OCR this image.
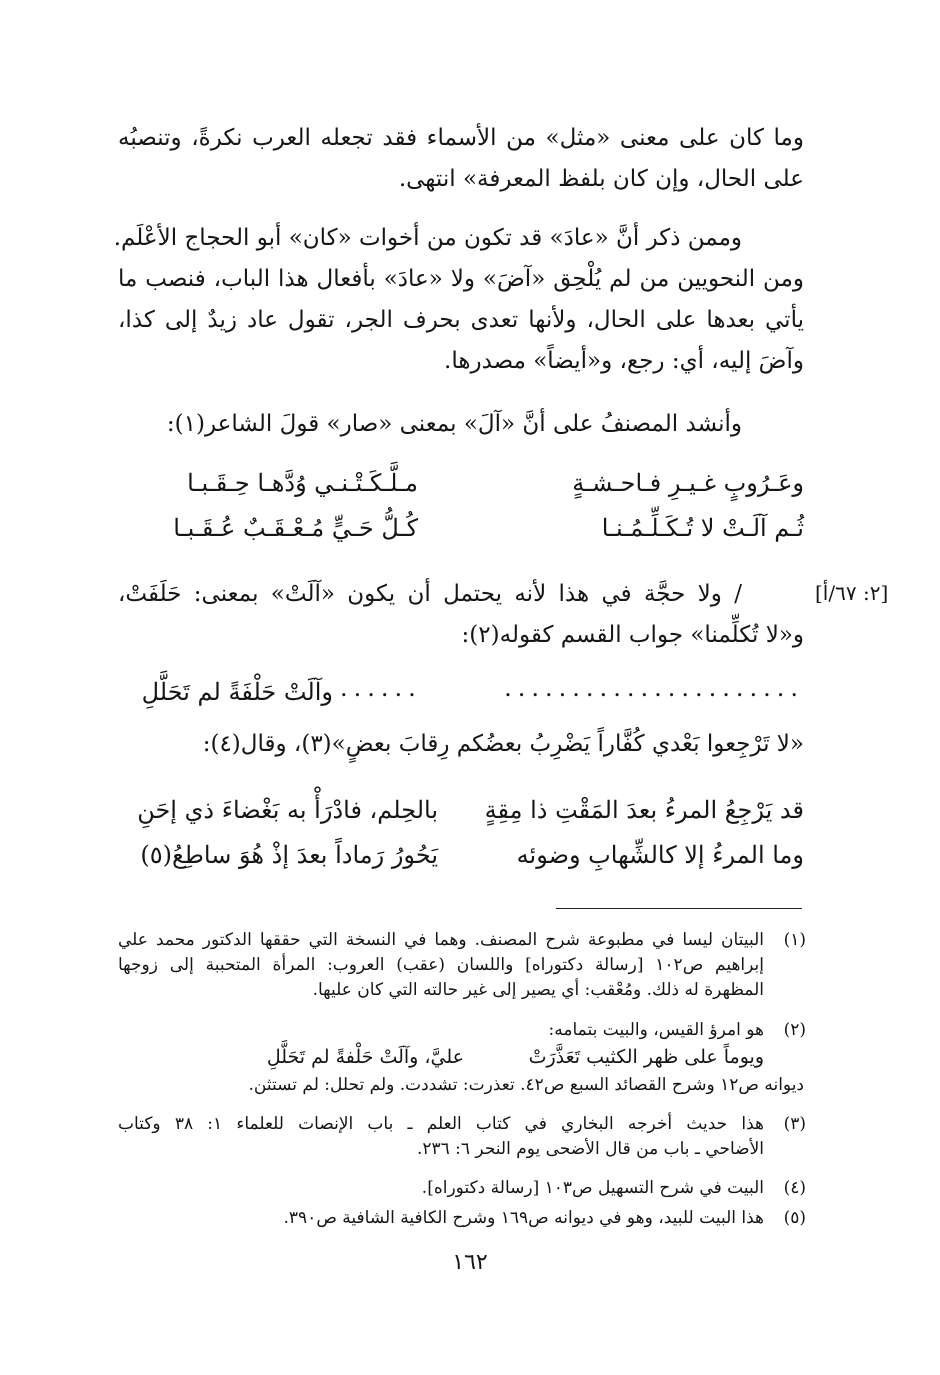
وما كان على معنى «مثل» من الأسماء فقد تجعله العرب نكرةً، وتنصبُه
على الحال، وإن كان بلفظ المعرفة» انتهى.
وممن ذكر أنَّ «عادَ» قد تكون من أخوات «كان» أبو الحجاج الأعْلَم.
ومن النحويين من لم يُلْحِق «آضَ» ولا «عادَ» بأفعال هذا الباب، فنصب ما
يأتي بعدها على الحال، ولأنها تعدى بحرف الجر، تقول عاد زيدٌ إلى كذا،
وآضَ إليه، أي: رجع، و«أيضاً» مصدرها.
وأنشد المصنفُ على أنَّ «آلَ» بمعنى «صار» قولَ الشاعر(١):
وعَـرُوبٍ غـيـرِ فـاحـشـةٍ
مـلَّـكَـتْـنـي وُدَّهـا حِـقَـبـا
ثُـم آلَـتْ لا تُـكَـلِّـمُـنـا
كُـلُّ حَـيٍّ مُـعْـقَـبٌ عُـقَـبـا
[٢: ٦٧/أ]
/ ولا حجَّة في هذا لأنه يحتمل أن يكون «آلَتْ» بمعنى: حَلَفَتْ،
و«لا تُكلِّمنا» جواب القسم كقوله(٢):
......................
......
وآلَتْ حَلْفَةً لم تَحَلَّلِ
«لا تَرْجِعوا بَعْدي كُفَّاراً يَضْرِبُ بعضُكم رِقابَ بعضٍ»(٣)، وقال(٤):
قد يَرْجِعُ المرءُ بعدَ المَقْتِ ذا مِقِةٍ
بالحِلم، فادْرَأْ به بَغْضاءَ ذي إحَنِ
وما المرءُ إلا كالشِّهابِ وضوئه
يَحُورُ رَماداً بعدَ إذْ هُوَ ساطِعُ(٥)
(١)
البيتان ليسا في مطبوعة شرح المصنف. وهما في النسخة التي حققها الدكتور محمد علي
إبراهيم ص١٠٢ [رسالة دكتوراه] واللسان (عقب) العروب: المرأة المتحببة إلى زوجها
المظهرة له ذلك. ومُعْقب: أي يصير إلى غير حالته التي كان عليها.
(٢)
هو امرؤ القيس، والبيت بتمامه:
ويوماً على ظهر الكثيب تَعَذَّرَتْ
عليَّ، وآلَتْ حَلْفةً لم تَحَلَّلِ
ديوانه ص١٢ وشرح القصائد السبع ص٤٢. تعذرت: تشددت. ولم تحلل: لم تستثن.
(٣)
هذا حديث أخرجه البخاري في كتاب العلم ـ باب الإنصات للعلماء ١: ٣٨ وكتاب
الأضاحي ـ باب من قال الأضحى يوم النحر ٦: ٢٣٦.
(٤)
البيت في شرح التسهيل ص١٠٣ [رسالة دكتوراه].
(٥)
هذا البيت للبيد، وهو في ديوانه ص١٦٩ وشرح الكافية الشافية ص٣٩٠.
١٦٢
